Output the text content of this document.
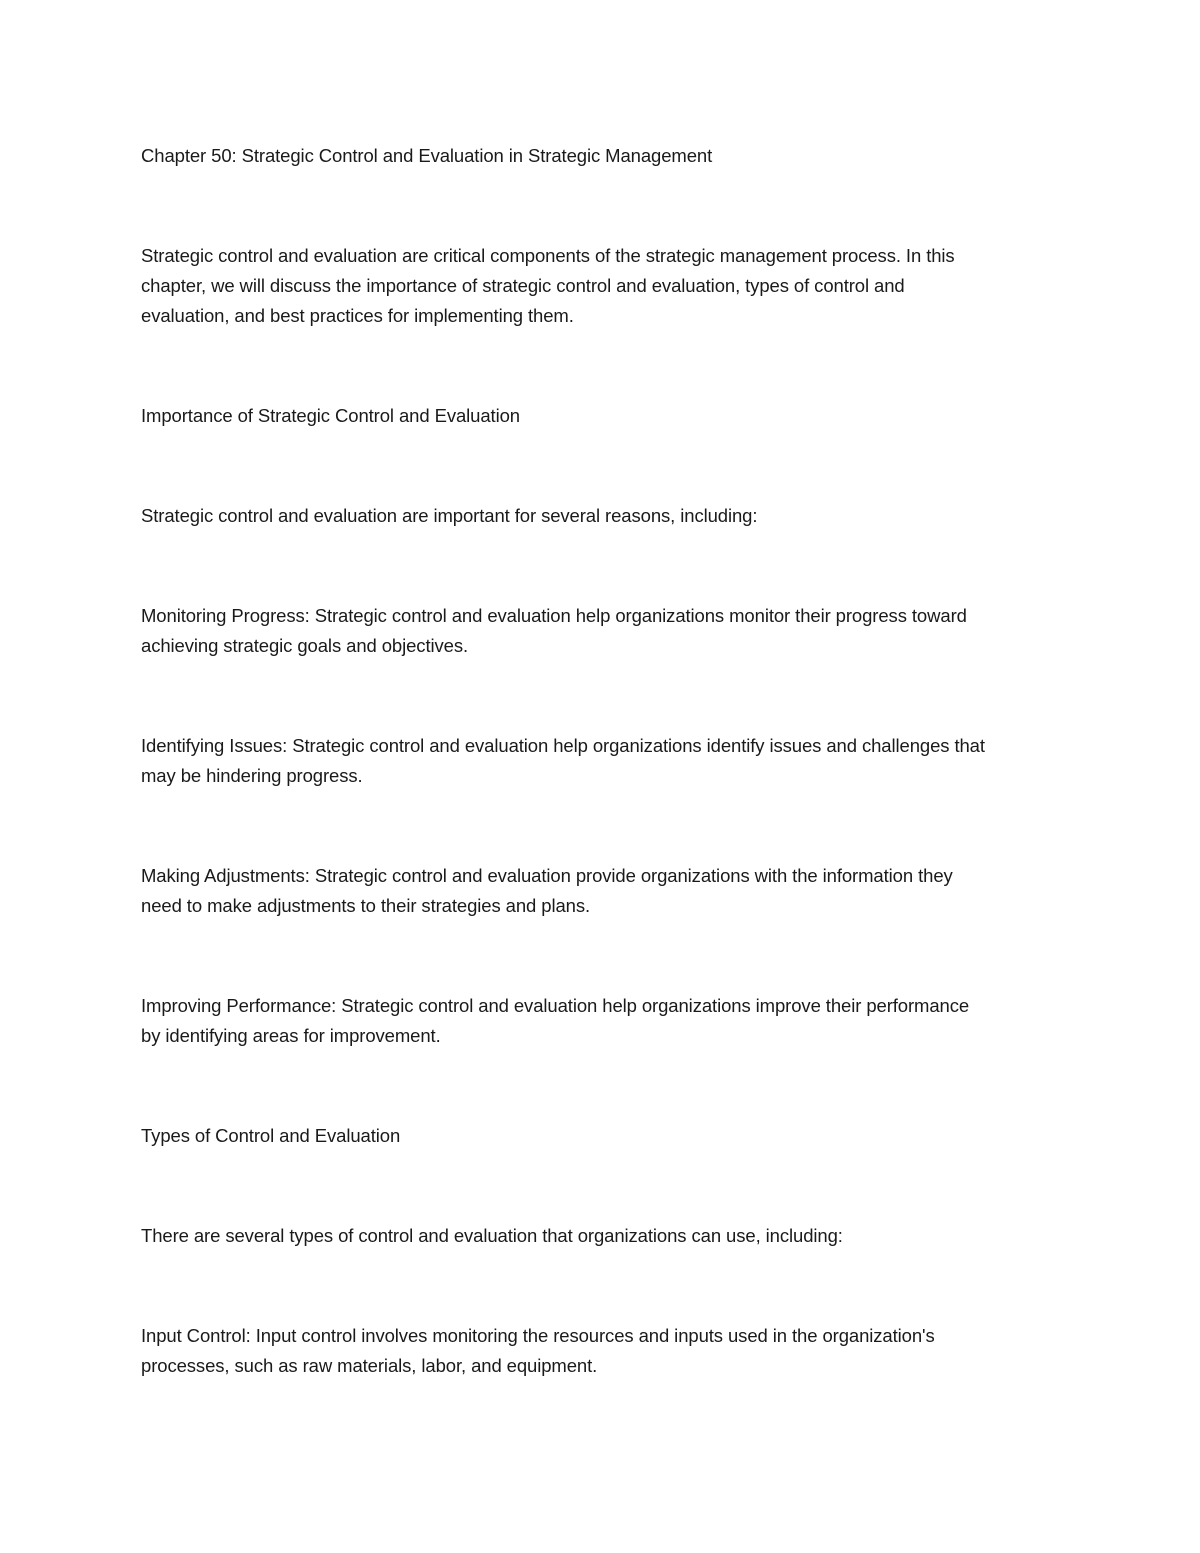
Chapter 50: Strategic Control and Evaluation in Strategic Management
Strategic control and evaluation are critical components of the strategic management process. In this
chapter, we will discuss the importance of strategic control and evaluation, types of control and
evaluation, and best practices for implementing them.
Importance of Strategic Control and Evaluation
Strategic control and evaluation are important for several reasons, including:
Monitoring Progress: Strategic control and evaluation help organizations monitor their progress toward
achieving strategic goals and objectives.
Identifying Issues: Strategic control and evaluation help organizations identify issues and challenges that
may be hindering progress.
Making Adjustments: Strategic control and evaluation provide organizations with the information they
need to make adjustments to their strategies and plans.
Improving Performance: Strategic control and evaluation help organizations improve their performance
by identifying areas for improvement.
Types of Control and Evaluation
There are several types of control and evaluation that organizations can use, including:
Input Control: Input control involves monitoring the resources and inputs used in the organization's
processes, such as raw materials, labor, and equipment.
